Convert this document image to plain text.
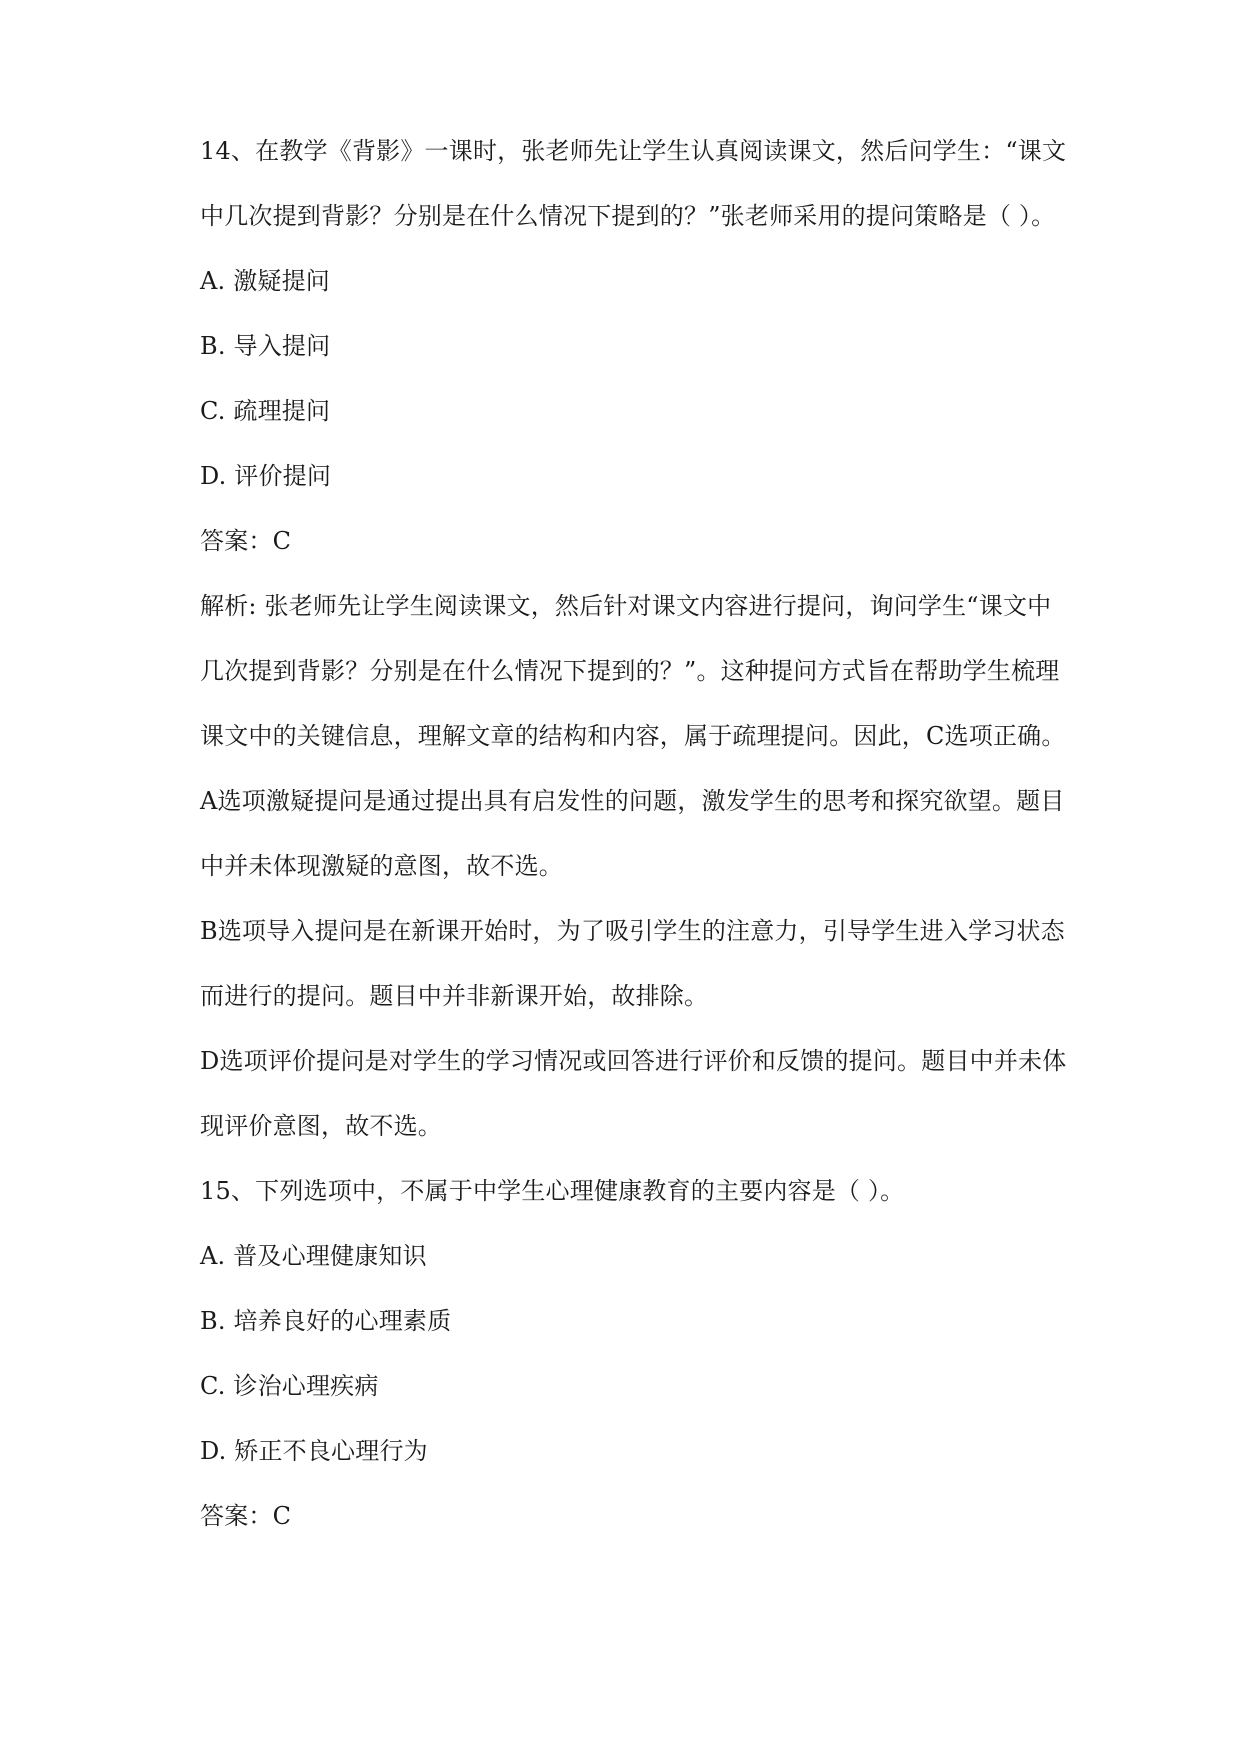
14、在教学《背影》一课时，张老师先让学生认真阅读课文，然后问学生：“课文
中几次提到背影？分别是在什么情况下提到的？”张老师采用的提问策略是（ ）。
A. 激疑提问
B. 导入提问
C. 疏理提问
D. 评价提问
答案：C
解析: 张老师先让学生阅读课文，然后针对课文内容进行提问，询问学生“课文中
几次提到背影？分别是在什么情况下提到的？”。这种提问方式旨在帮助学生梳理
课文中的关键信息，理解文章的结构和内容，属于疏理提问。因此，C选项正确。
A选项激疑提问是通过提出具有启发性的问题，激发学生的思考和探究欲望。题目
中并未体现激疑的意图，故不选。
B选项导入提问是在新课开始时，为了吸引学生的注意力，引导学生进入学习状态
而进行的提问。题目中并非新课开始，故排除。
D选项评价提问是对学生的学习情况或回答进行评价和反馈的提问。题目中并未体
现评价意图，故不选。
15、下列选项中，不属于中学生心理健康教育的主要内容是（ ）。
A. 普及心理健康知识
B. 培养良好的心理素质
C. 诊治心理疾病
D. 矫正不良心理行为
答案：C
